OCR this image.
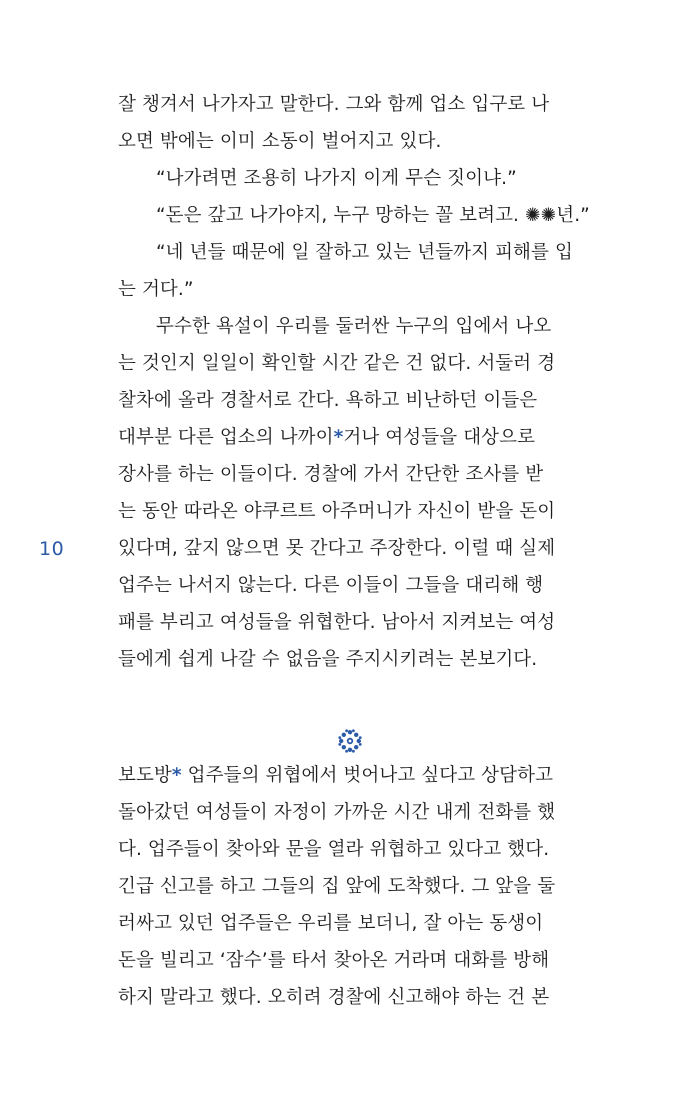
잘 챙겨서 나가자고 말한다. 그와 함께 업소 입구로 나
오면 밖에는 이미 소동이 벌어지고 있다.

“나가려면 조용히 나가지 이게 무슨 짓이냐.”

“돈은 갚고 나가야지, 누구 망하는 꼴 보려고. ✺✺년.”

“네 년들 때문에 일 잘하고 있는 년들까지 피해를 입
는 거다.”

무수한 욕설이 우리를 둘러싼 누구의 입에서 나오
는 것인지 일일이 확인할 시간 같은 건 없다. 서둘러 경
찰차에 올라 경찰서로 간다. 욕하고 비난하던 이들은
대부분 다른 업소의 나까이*거나 여성들을 대상으로
장사를 하는 이들이다. 경찰에 가서 간단한 조사를 받
는 동안 따라온 야쿠르트 아주머니가 자신이 받을 돈이
있다며, 갚지 않으면 못 간다고 주장한다. 이럴 때 실제
업주는 나서지 않는다. 다른 이들이 그들을 대리해 행
패를 부리고 여성들을 위협한다. 남아서 지켜보는 여성
들에게 쉽게 나갈 수 없음을 주지시키려는 본보기다.

10

보도방* 업주들의 위협에서 벗어나고 싶다고 상담하고
돌아갔던 여성들이 자정이 가까운 시간 내게 전화를 했
다. 업주들이 찾아와 문을 열라 위협하고 있다고 했다.
긴급 신고를 하고 그들의 집 앞에 도착했다. 그 앞을 둘
러싸고 있던 업주들은 우리를 보더니, 잘 아는 동생이
돈을 빌리고 ‘잠수’를 타서 찾아온 거라며 대화를 방해
하지 말라고 했다. 오히려 경찰에 신고해야 하는 건 본
